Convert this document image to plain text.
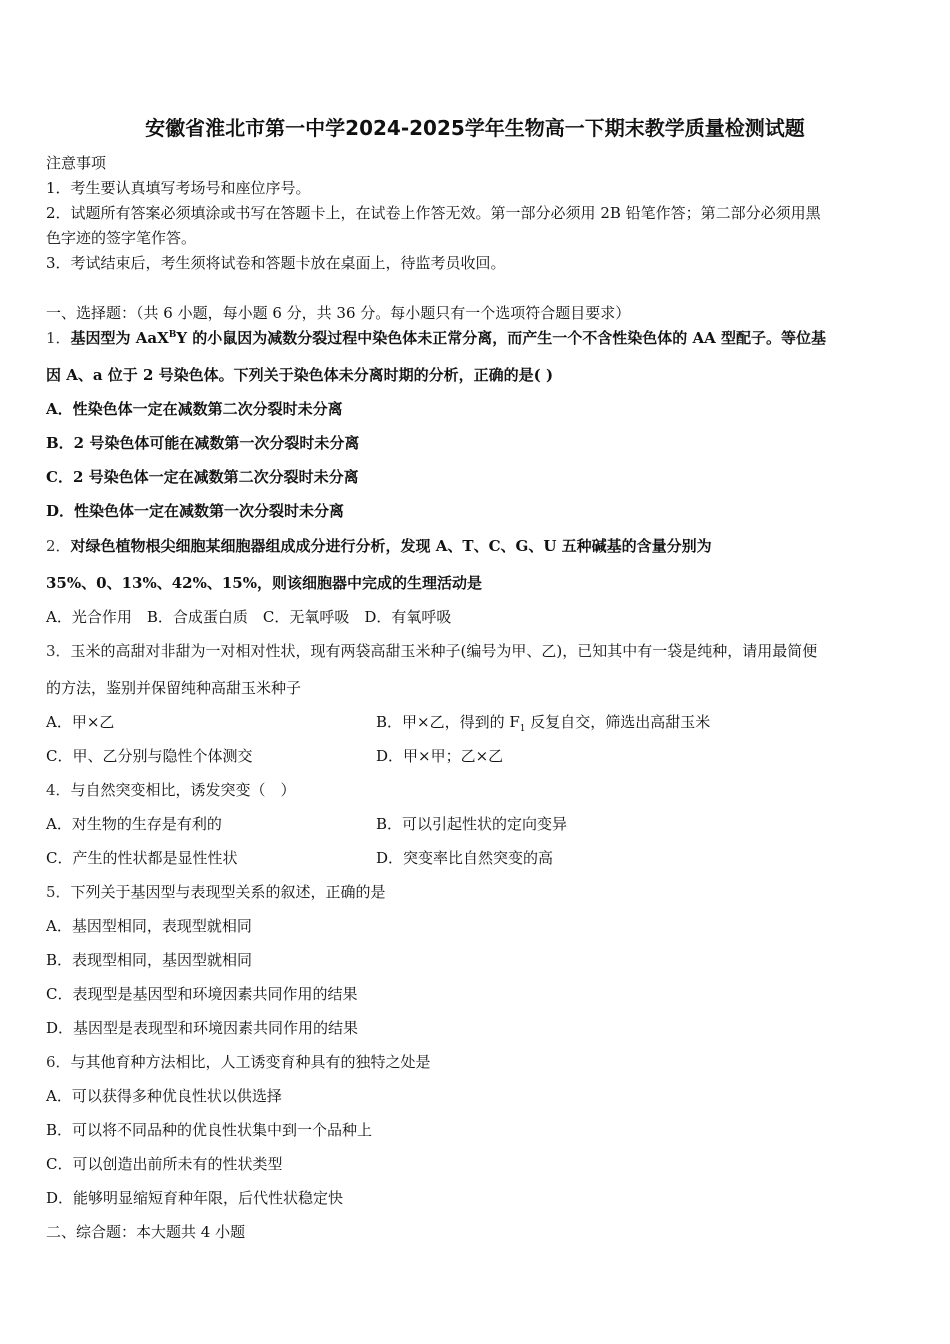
安徽省淮北市第一中学2024-2025学年生物高一下期末教学质量检测试题
注意事项
1．考生要认真填写考场号和座位序号。
2．试题所有答案必须填涂或书写在答题卡上，在试卷上作答无效。第一部分必须用 2B 铅笔作答；第二部分必须用黑
色字迹的签字笔作答。
3．考试结束后，考生须将试卷和答题卡放在桌面上，待监考员收回。
一、选择题：（共 6 小题，每小题 6 分，共 36 分。每小题只有一个选项符合题目要求）
1．基因型为 AaX$^B$Y 的小鼠因为减数分裂过程中染色体未正常分离，而产生一个不含性染色体的 AA 型配子。等位基
因 A、a 位于 2 号染色体。下列关于染色体未分离时期的分析，正确的是( )
A．性染色体一定在减数第二次分裂时未分离
B．2 号染色体可能在减数第一次分裂时未分离
C．2 号染色体一定在减数第二次分裂时未分离
D．性染色体一定在减数第一次分裂时未分离
2．对绿色植物根尖细胞某细胞器组成成分进行分析，发现 A、T、C、G、U 五种碱基的含量分别为
35%、0、13%、42%、15%，则该细胞器中完成的生理活动是
A．光合作用　B．合成蛋白质　C．无氧呼吸　D．有氧呼吸
3．玉米的高甜对非甜为一对相对性状，现有两袋高甜玉米种子(编号为甲、乙)，已知其中有一袋是纯种，请用最简便
的方法，鉴别并保留纯种高甜玉米种子
A．甲×乙	B．甲×乙，得到的 $F_1$ 反复自交，筛选出高甜玉米
C．甲、乙分别与隐性个体测交	D．甲×甲；乙×乙
4．与自然突变相比，诱发突变（　）
A．对生物的生存是有利的	B．可以引起性状的定向变异
C．产生的性状都是显性性状	D．突变率比自然突变的高
5．下列关于基因型与表现型关系的叙述，正确的是
A．基因型相同，表现型就相同
B．表现型相同，基因型就相同
C．表现型是基因型和环境因素共同作用的结果
D．基因型是表现型和环境因素共同作用的结果
6．与其他育种方法相比，人工诱变育种具有的独特之处是
A．可以获得多种优良性状以供选择
B．可以将不同品种的优良性状集中到一个品种上
C．可以创造出前所未有的性状类型
D．能够明显缩短育种年限，后代性状稳定快
二、综合题：本大题共 4 小题
